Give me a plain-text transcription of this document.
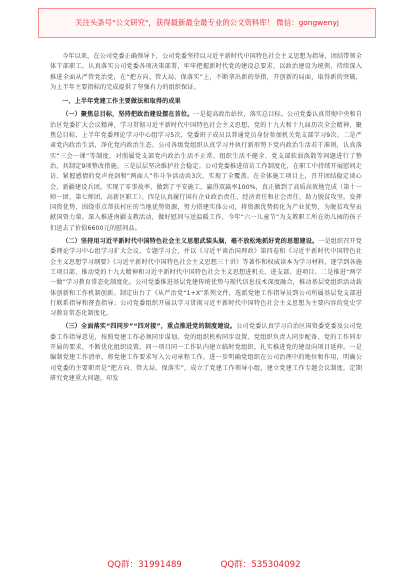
关注头条号"公文研究"，获得最新最全最专业的公文资料库！ 微信：gongwenyj

今年以来，在公司党委正确领导下，公司党委坚持以习近平新时代中国特色社会主义思想为指导，团结带领全体干部职工，认真落实公司党委各项决策部署，牢牢把握新时代党的建设总要求，以政治建设为统领，持续深入推进全面从严管党治党，在“把方向、管大局、保落实”上，不断拿出新的举措，开创新的局面，取得新的突破，为上半年主要指标的完成提供了坚强有力的组织保证。

一、上半年党建工作主要做法和取得的成果

（一）聚焦总目标，坚持把政治建设摆在首位。一是提高政治站位，落实总目标。公司党委认真贯彻中央和自治区党委扩大会议精神，学习贯彻习近平新时代中国特色社会主义思想、党的十九大和十九届历次全会精神，聚焦总目标，上半年党委理论学习中心组学习5次，党委班子成员以普通党员身份参加机关党支部学习9次。二是严肃党内政治生活，净化党内政治生态。公司各级党组织认真学习并执行新形势下党内政治生活若干准则，认真落实“三会一课”等制度，对照属党支部党内政治生活不正常、组织生活不健全、党支部软弱涣散等问题进行了整治，共制定9项整改措施。三是层层坚决维护社会稳定。公司党委推进信访工作制度化，在职工中持续开展慰问走访、紧握感情的党声亮剑和“两面人”作斗争活动共3次，实现了全覆盖。在全体施工项目上，召开团结稳定谈心会，新疆建设兵团，实现了零事故率，做到了平安施工，赢得双赢率100%，真正做到了高质高效地完成（第十一师一团、第七师团、高新区职工）。四是认真履行国有企业政治责任、经济责任和社会责任，助力脱贫攻坚。发挥国资优势，围绕重点帮扶村庄的当地优势资源，努力搭建实体公司，将资源优势转化为产业优势，为脱贫攻坚贡献国资力量。深入推进南疆支教活动，做好慰问与送温暖工作，今年“六一儿童节”为支教职工所在幼儿园的孩子们送去了价值6600元的慰问品。

（二）坚持用习近平新时代中国特色社会主义思想武装头脑，毫不放松地抓好党的思想建设。一是组织召开党委理论学习中心组学习扩大会议、专题学习会，并以《习近平谈治国理政》第四卷和《习近平新时代中国特色社会主义思想学习纲要》《习近平新时代中国特色社会主义思想三十讲》等著作和权威读本为学习材料，逐学到各施工项目部，推动党的十九大精神和习近平新时代中国特色社会主义思想进机关、进支部、进项目。二是推进“两学一做”学习教育常态化制度化。公司党委推进基层党建传统优势与现代信息技术深度融合，推动基层党组织活动载体创新和工作机制创新。制定出台了《从严治党“1+X”系列文件，选派党建工作指导员到公司所属基层党支部进行联系指导和督查指导；公司党委组织开展以学习贯彻习近平新时代中国特色社会主义思想为主要内容的党史学习教育常态化制度化。

（三）全面落实“四同步”“四对接”，重点推进党的制度建设。公司党委认真学习自治区国资委党委及公司党委工作指导意见，按照党建工作必须同步谋划、党的组织机构同步设置、党组织负责人同步配备、党的工作同步开展的要求，不断优化组织设置，同一项目同一工作队内建立临时党组织，扎实推进党的建设向项目延伸。一是编制党建工作清单，将党建工作要求写入公司章程工作，进一步明确党组织在公司治理中的地位和作用，明确公司党委的主要职责是“把方向、管大局、保落实”，成立了党建工作领导小组，建立党建工作专题会议制度，定期研究党建重大问题，印发

QQ群：31991489	QQ群：535304092
